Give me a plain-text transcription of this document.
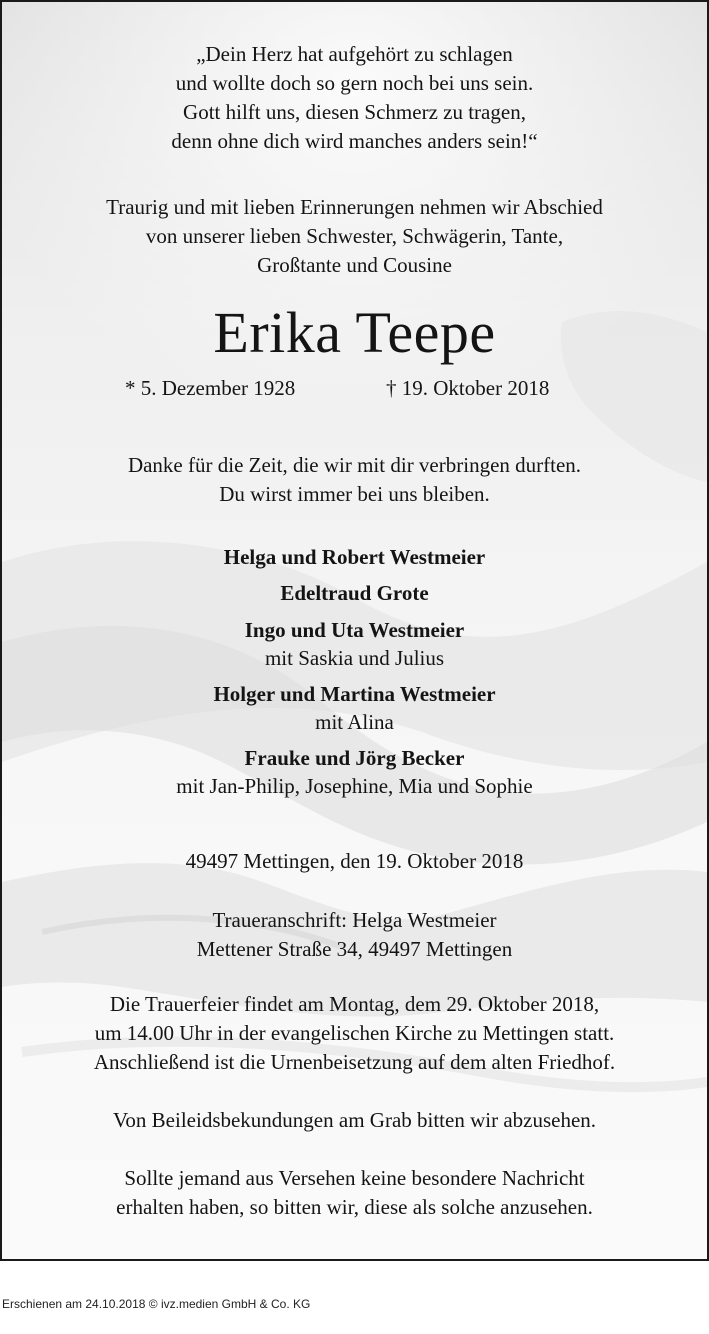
„Dein Herz hat aufgehört zu schlagen
und wollte doch so gern noch bei uns sein.
Gott hilft uns, diesen Schmerz zu tragen,
denn ohne dich wird manches anders sein!“
Traurig und mit lieben Erinnerungen nehmen wir Abschied
von unserer lieben Schwester, Schwägerin, Tante,
Großtante und Cousine
Erika Teepe
* 5. Dezember 1928	† 19. Oktober 2018
Danke für die Zeit, die wir mit dir verbringen durften.
Du wirst immer bei uns bleiben.
Helga und Robert Westmeier
Edeltraud Grote
Ingo und Uta Westmeier
mit Saskia und Julius
Holger und Martina Westmeier
mit Alina
Frauke und Jörg Becker
mit Jan-Philip, Josephine, Mia und Sophie
49497 Mettingen, den 19. Oktober 2018
Traueranschrift: Helga Westmeier
Mettener Straße 34, 49497 Mettingen
Die Trauerfeier findet am Montag, dem 29. Oktober 2018,
um 14.00 Uhr in der evangelischen Kirche zu Mettingen statt.
Anschließend ist die Urnenbeisetzung auf dem alten Friedhof.
Von Beileidsbekundungen am Grab bitten wir abzusehen.
Sollte jemand aus Versehen keine besondere Nachricht
erhalten haben, so bitten wir, diese als solche anzusehen.
Erschienen am 24.10.2018 © ivz.medien GmbH & Co. KG
